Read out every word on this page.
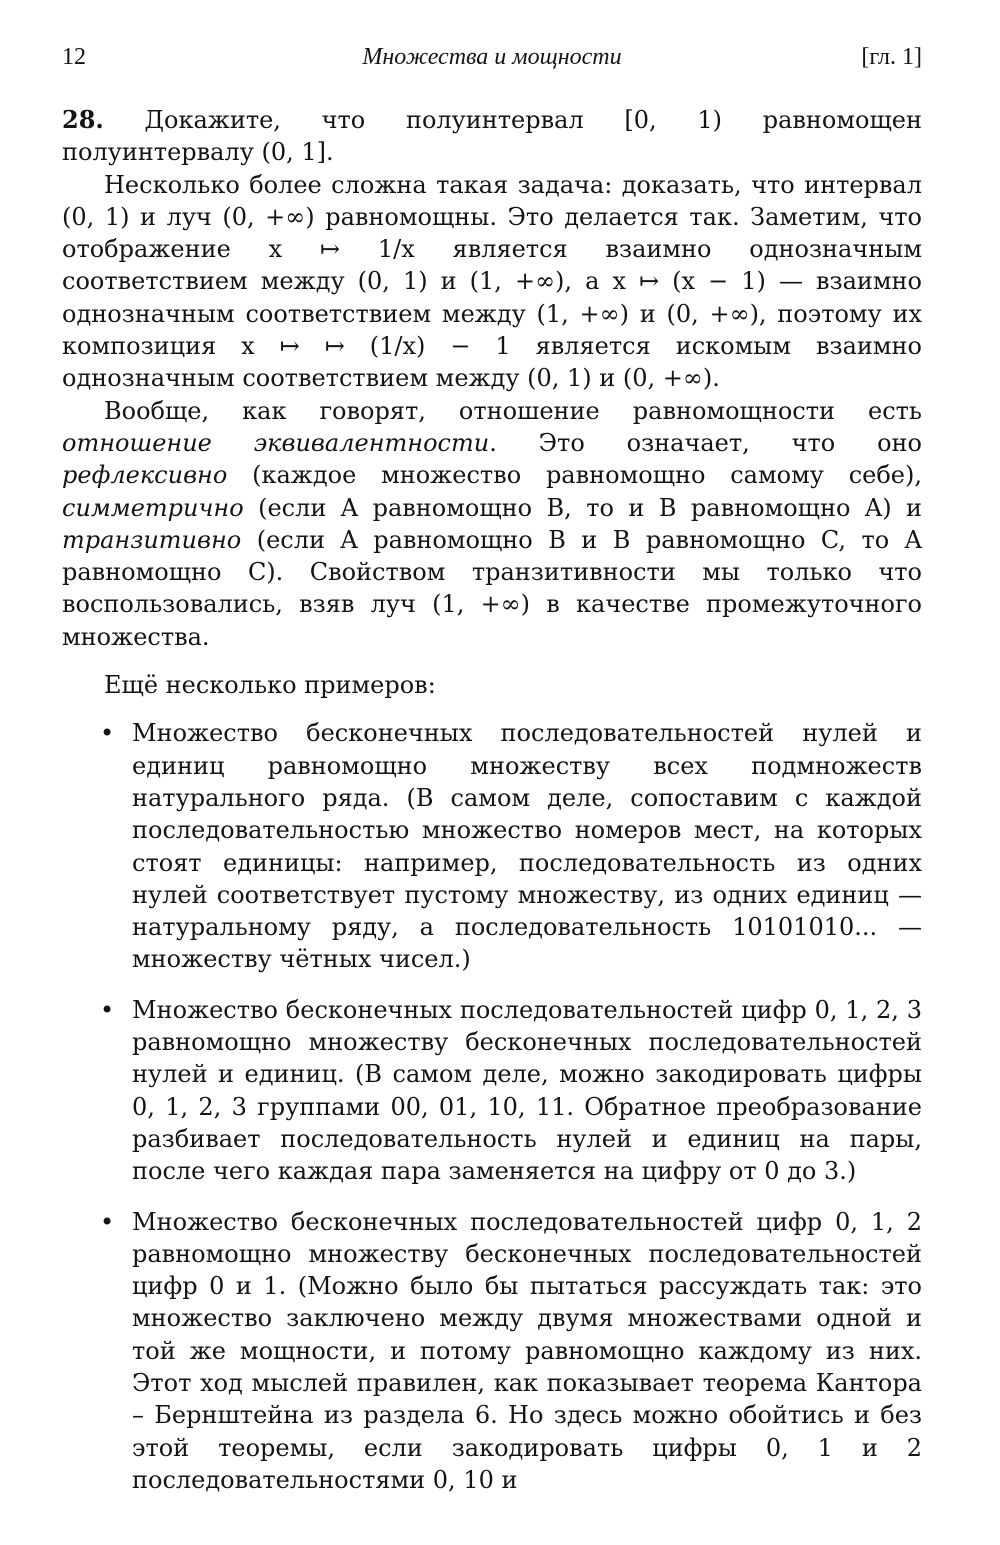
12	Множества и мощности	[гл. 1]

28. Докажите, что полуинтервал [0, 1) равномощен полуинтервалу (0, 1].

Несколько более сложна такая задача: доказать, что интервал (0, 1) и луч (0, +∞) равномощны. Это делается так. Заметим, что отображение x ↦ 1/x является взаимно однозначным соответствием между (0, 1) и (1, +∞), а x ↦ (x − 1) — взаимно однозначным соответствием между (1, +∞) и (0, +∞), поэтому их композиция x ↦ ↦ (1/x) − 1 является искомым взаимно однозначным соответствием между (0, 1) и (0, +∞).

Вообще, как говорят, отношение равномощности есть отношение эквивалентности. Это означает, что оно рефлексивно (каждое множество равномощно самому себе), симметрично (если A равномощно B, то и B равномощно A) и транзитивно (если A равномощно B и B равномощно C, то A равномощно C). Свойством транзитивности мы только что воспользовались, взяв луч (1, +∞) в качестве промежуточного множества.

Ещё несколько примеров:

• Множество бесконечных последовательностей нулей и единиц равномощно множеству всех подмножеств натурального ряда. (В самом деле, сопоставим с каждой последовательностью множество номеров мест, на которых стоят единицы: например, последовательность из одних нулей соответствует пустому множеству, из одних единиц — натуральному ряду, а последовательность 10101010... — множеству чётных чисел.)

• Множество бесконечных последовательностей цифр 0, 1, 2, 3 равномощно множеству бесконечных последовательностей нулей и единиц. (В самом деле, можно закодировать цифры 0, 1, 2, 3 группами 00, 01, 10, 11. Обратное преобразование разбивает последовательность нулей и единиц на пары, после чего каждая пара заменяется на цифру от 0 до 3.)

• Множество бесконечных последовательностей цифр 0, 1, 2 равномощно множеству бесконечных последовательностей цифр 0 и 1. (Можно было бы пытаться рассуждать так: это множество заключено между двумя множествами одной и той же мощности, и потому равномощно каждому из них. Этот ход мыслей правилен, как показывает теорема Кантора – Бернштейна из раздела 6. Но здесь можно обойтись и без этой теоремы, если закодировать цифры 0, 1 и 2 последовательностями 0, 10 и
